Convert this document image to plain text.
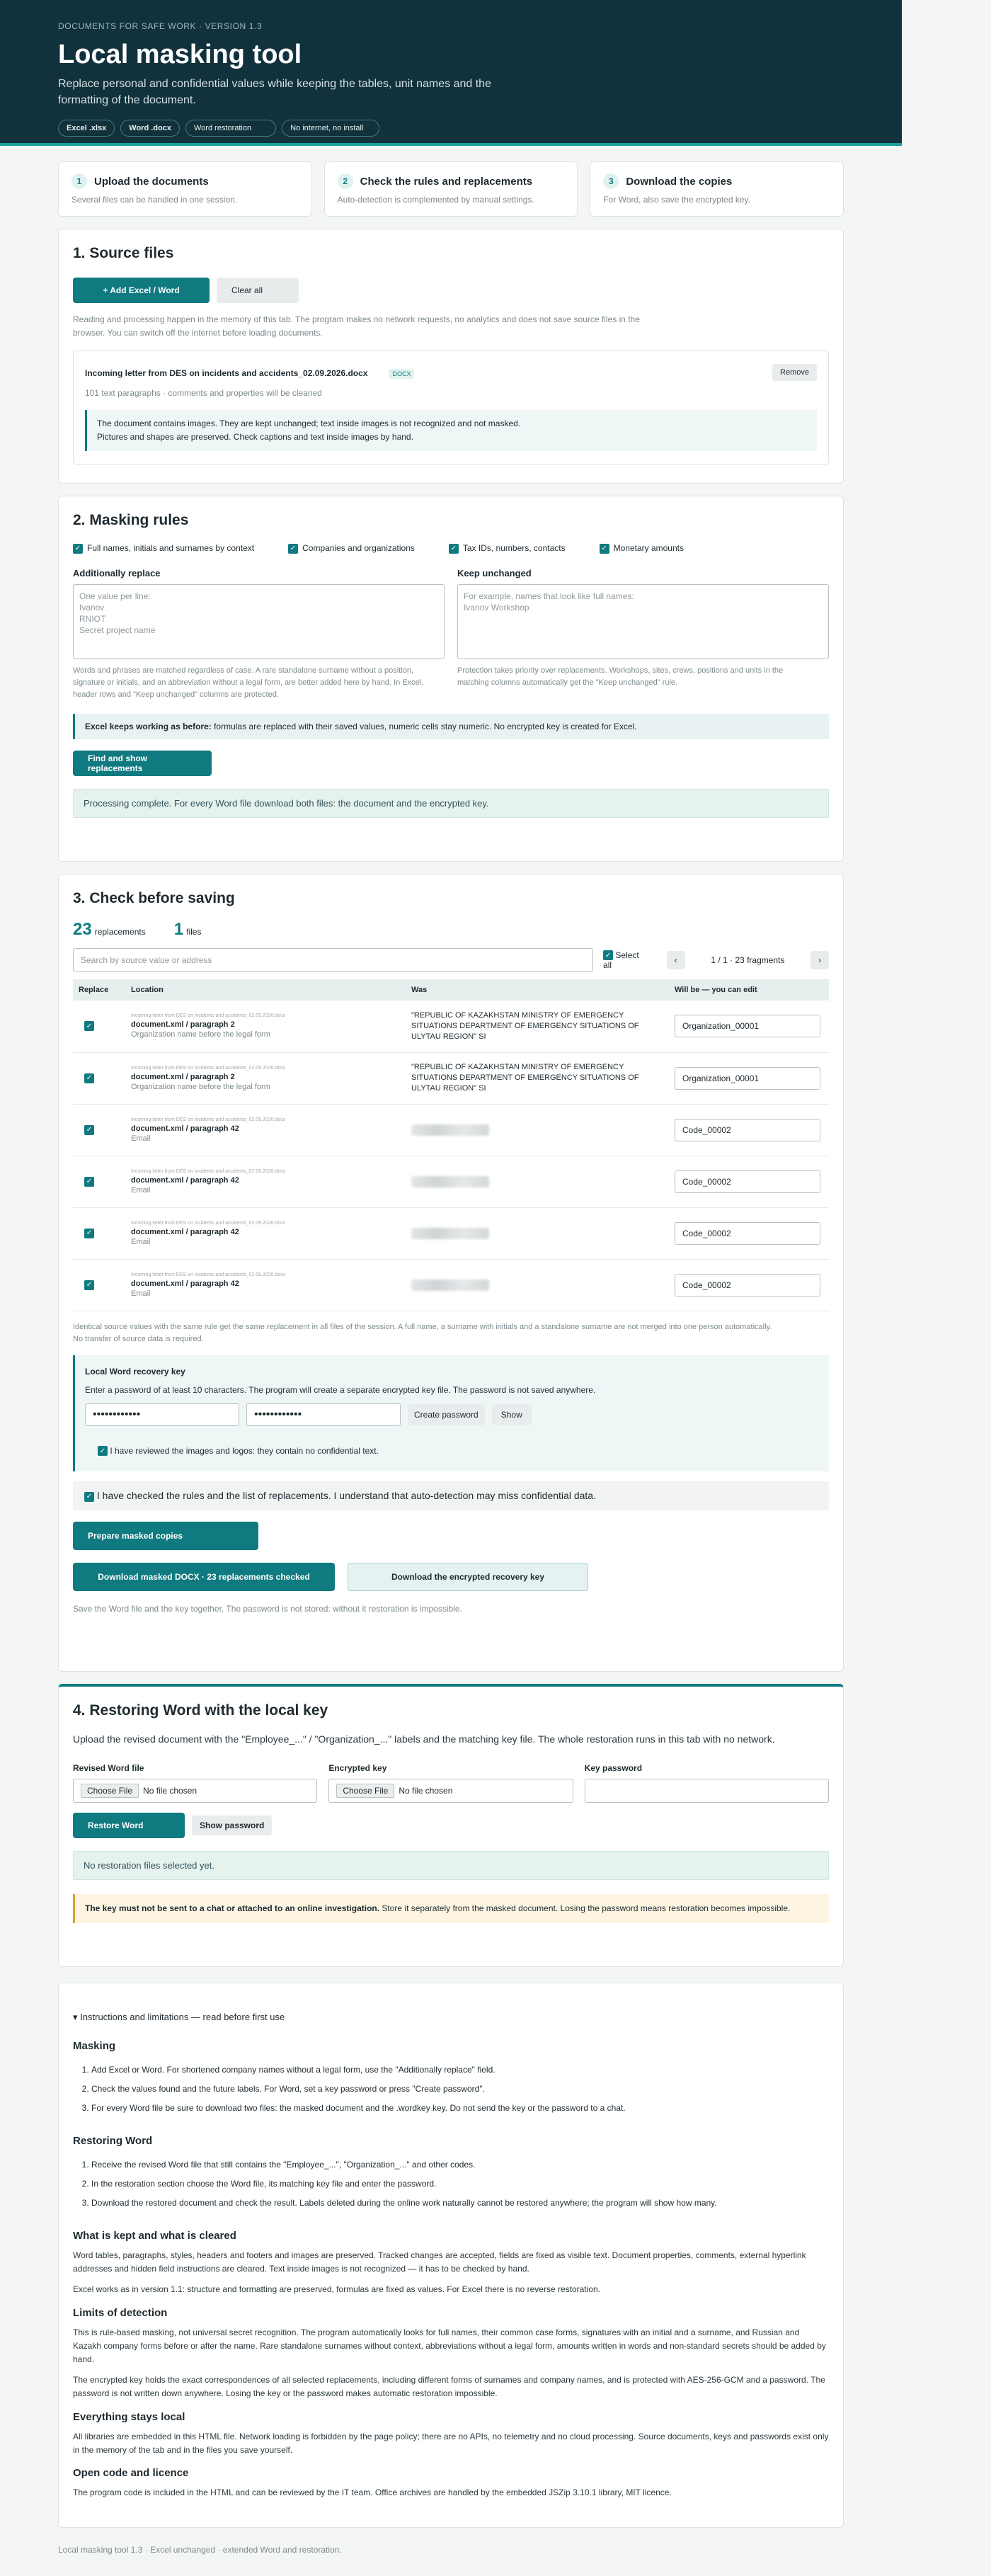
DOCUMENTS FOR SAFE WORK · VERSION 1.3
Local masking tool
Replace personal and confidential values while keeping the tables, unit names and the formatting of the document.
Excel .xlsx	Word .docx	Word restoration	No internet, no install
1	Upload the documents
Several files can be handled in one session.
2	Check the rules and replacements
Auto-detection is complemented by manual settings.
3	Download the copies
For Word, also save the encrypted key.
1. Source files
+ Add Excel / Word	Clear all
Reading and processing happen in the memory of this tab. The program makes no network requests, no analytics and does not save source files in the browser. You can switch off the internet before loading documents.
Incoming letter from DES on incidents and accidents_02.09.2026.docx	DOCX	Remove
101 text paragraphs · comments and properties will be cleaned
The document contains images. They are kept unchanged; text inside images is not recognized and not masked.
Pictures and shapes are preserved. Check captions and text inside images by hand.
2. Masking rules
✓ Full names, initials and surnames by context	✓ Companies and organizations	✓ Tax IDs, numbers, contacts	✓ Monetary amounts
Additionally replace
One value per line:
Ivanov
RNIOT
Secret project name
Words and phrases are matched regardless of case. A rare standalone surname without a position, signature or initials, and an abbreviation without a legal form, are better added here by hand. In Excel, header rows and "Keep unchanged" columns are protected.
Keep unchanged
For example, names that look like full names:
Ivanov Workshop
Protection takes priority over replacements. Workshops, sites, crews, positions and units in the matching columns automatically get the "Keep unchanged" rule.
Excel keeps working as before: formulas are replaced with their saved values, numeric cells stay numeric. No encrypted key is created for Excel.
Find and show replacements
Processing complete. For every Word file download both files: the document and the encrypted key.
3. Check before saving
23 replacements 1 files
Search by source value or address	✓ Select all
‹	1 / 1 · 23 fragments	›
Replace	Location	Was	Will be — you can edit
✓	Incoming letter from DES on incidents and accidents_02.09.2026.docx
document.xml / paragraph 2
Organization name before the legal form	"REPUBLIC OF KAZAKHSTAN MINISTRY OF EMERGENCY SITUATIONS DEPARTMENT OF EMERGENCY SITUATIONS OF ULYTAU REGION" SI	Organization_00001

✓	Incoming letter from DES on incidents and accidents_02.09.2026.docx
document.xml / paragraph 2
Organization name before the legal form	"REPUBLIC OF KAZAKHSTAN MINISTRY OF EMERGENCY SITUATIONS DEPARTMENT OF EMERGENCY SITUATIONS OF ULYTAU REGION" SI	Organization_00001

✓	Incoming letter from DES on incidents and accidents_02.09.2026.docx
document.xml / paragraph 42
Email		Code_00002

✓	Incoming letter from DES on incidents and accidents_02.09.2026.docx
document.xml / paragraph 42
Email		Code_00002

✓	Incoming letter from DES on incidents and accidents_02.09.2026.docx
document.xml / paragraph 42
Email		Code_00002

✓	Incoming letter from DES on incidents and accidents_02.09.2026.docx
document.xml / paragraph 42
Email		Code_00002
Identical source values with the same rule get the same replacement in all files of the session. A full name, a surname with initials and a standalone surname are not merged into one person automatically. No transfer of source data is required.
Local Word recovery key
Enter a password of at least 10 characters. The program will create a separate encrypted key file. The password is not saved anywhere.
••••••••••••	••••••••••••	Create password	Show
✓ I have reviewed the images and logos: they contain no confidential text.
✓ I have checked the rules and the list of replacements. I understand that auto-detection may miss confidential data.
Prepare masked copies
Download masked DOCX · 23 replacements checked	Download the encrypted recovery key
Save the Word file and the key together. The password is not stored: without it restoration is impossible.
4. Restoring Word with the local key
Upload the revised document with the "Employee_..." / "Organization_..." labels and the matching key file. The whole restoration runs in this tab with no network.
Revised Word file
Choose File	No file chosen
Encrypted key
Choose File	No file chosen
Key password
Restore Word	Show password
No restoration files selected yet.
The key must not be sent to a chat or attached to an online investigation. Store it separately from the masked document. Losing the password means restoration becomes impossible.
▾ Instructions and limitations — read before first use
Masking
1. Add Excel or Word. For shortened company names without a legal form, use the "Additionally replace" field.
2. Check the values found and the future labels. For Word, set a key password or press "Create password".
3. For every Word file be sure to download two files: the masked document and the .wordkey key. Do not send the key or the password to a chat.
Restoring Word
1. Receive the revised Word file that still contains the "Employee_...", "Organization_..." and other codes.
2. In the restoration section choose the Word file, its matching key file and enter the password.
3. Download the restored document and check the result. Labels deleted during the online work naturally cannot be restored anywhere; the program will show how many.
What is kept and what is cleared
Word tables, paragraphs, styles, headers and footers and images are preserved. Tracked changes are accepted, fields are fixed as visible text. Document properties, comments, external hyperlink addresses and hidden field instructions are cleared. Text inside images is not recognized — it has to be checked by hand.
Excel works as in version 1.1: structure and formatting are preserved, formulas are fixed as values. For Excel there is no reverse restoration.
Limits of detection
This is rule-based masking, not universal secret recognition. The program automatically looks for full names, their common case forms, signatures with an initial and a surname, and Russian and Kazakh company forms before or after the name. Rare standalone surnames without context, abbreviations without a legal form, amounts written in words and non-standard secrets should be added by hand.
The encrypted key holds the exact correspondences of all selected replacements, including different forms of surnames and company names, and is protected with AES-256-GCM and a password. The password is not written down anywhere. Losing the key or the password makes automatic restoration impossible.
Everything stays local
All libraries are embedded in this HTML file. Network loading is forbidden by the page policy; there are no APIs, no telemetry and no cloud processing. Source documents, keys and passwords exist only in the memory of the tab and in the files you save yourself.
Open code and licence
The program code is included in the HTML and can be reviewed by the IT team. Office archives are handled by the embedded JSZip 3.10.1 library, MIT licence.
Local masking tool 1.3 · Excel unchanged · extended Word and restoration.
